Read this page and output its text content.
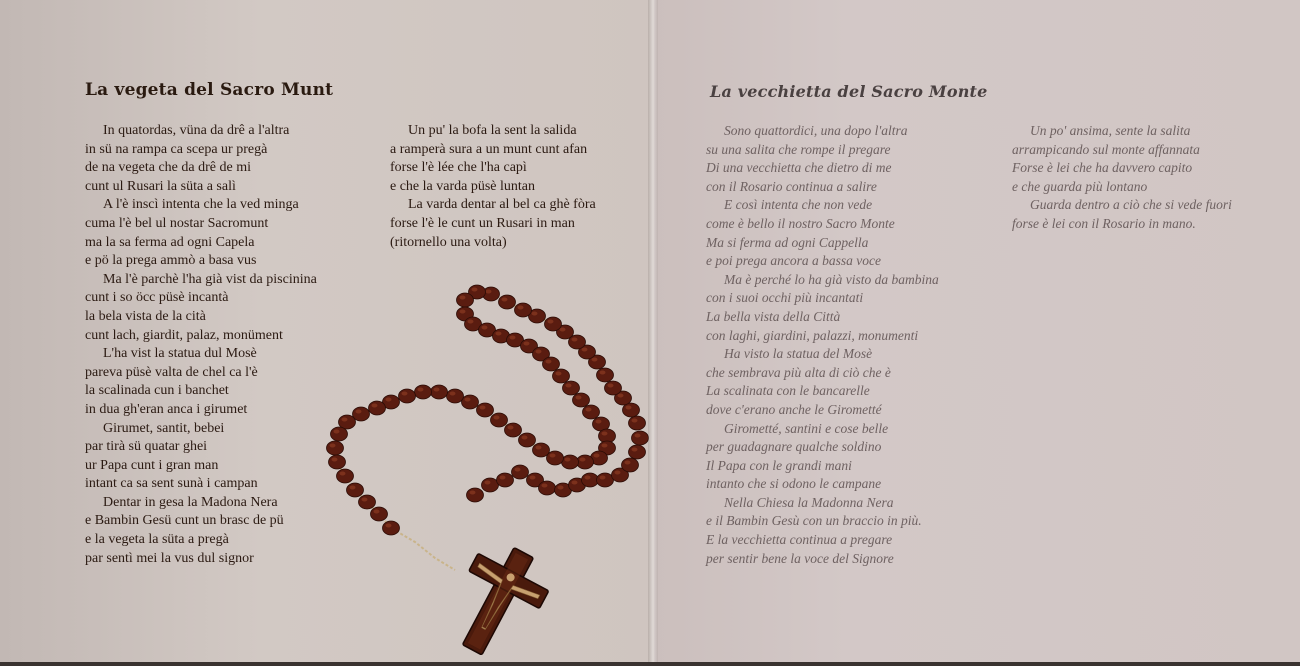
La vegeta del Sacro Munt
In quatordas, vüna da drê a l'altra
in sü na rampa ca scepa ur pregà
de na vegeta che da drê de mi
cunt ul Rusari la süta a salì
A l'è inscì intenta che la ved minga
cuma l'è bel ul nostar Sacromunt
ma la sa ferma ad ogni Capela
e pö la prega ammò a basa vus
Ma l'è parchè l'ha già vist da piscinina
cunt i so öcc püsè incantà
la bela vista de la cità
cunt lach, giardit, palaz, monüment
L'ha vist la statua dul Mosè
pareva püsè valta de chel ca l'è
la scalinada cun i banchet
in dua gh'eran anca i girumet
Girumet, santit, bebei
par tirà sü quatar ghei
ur Papa cunt i gran man
intant ca sa sent sunà i campan
Dentar in gesa la Madona Nera
e Bambin Gesü cunt un brasc de pü
e la vegeta la süta a pregà
par sentì mei la vus dul signor
Un pu' la bofa la sent la salida
a ramperà sura a un munt cunt afan
forse l'è lée che l'ha capì
e che la varda püsè luntan
La varda dentar al bel ca ghè fòra
forse l'è le cunt un Rusari in man
(ritornello una volta)
La vecchietta del Sacro Monte
Sono quattordici, una dopo l'altra
su una salita che rompe il pregare
Di una vecchietta che dietro di me
con il Rosario continua a salire
E così intenta che non vede
come è bello il nostro Sacro Monte
Ma si ferma ad ogni Cappella
e poi prega ancora a bassa voce
Ma è perché lo ha già visto da bambina
con i suoi occhi più incantati
La bella vista della Città
con laghi, giardini, palazzi, monumenti
Ha visto la statua del Mosè
che sembrava più alta di ciò che è
La scalinata con le bancarelle
dove c'erano anche le Girometté
Girometté, santini e cose belle
per guadagnare qualche soldino
Il Papa con le grandi mani
intanto che si odono le campane
Nella Chiesa la Madonna Nera
e il Bambin Gesù con un braccio in più.
E la vecchietta continua a pregare
per sentir bene la voce del Signore
Un po' ansima, sente la salita
arrampicando sul monte affannata
Forse è lei che ha davvero capito
e che guarda più lontano
Guarda dentro a ciò che si vede fuori
forse è lei con il Rosario in mano.
